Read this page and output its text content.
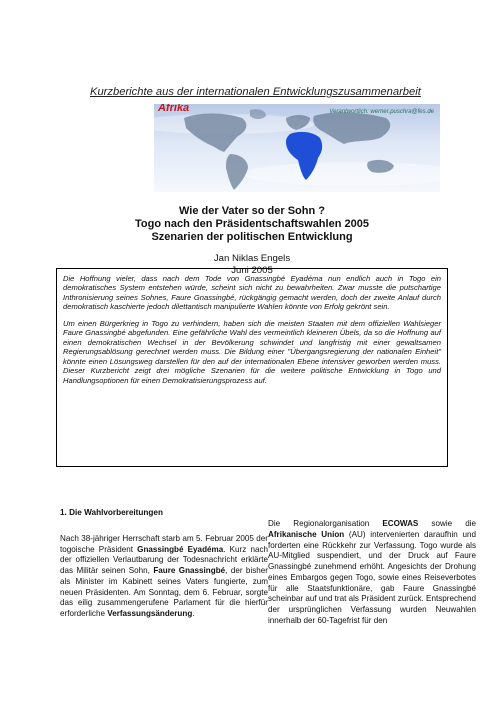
Kurzberichte aus der internationalen Entwicklungszusammenarbeit
Afrika	Verantwortlich: werner.puschra@fes.de
Wie der Vater so der Sohn ?
Togo nach den Präsidentschaftswahlen 2005
Szenarien der politischen Entwicklung
Jan Niklas Engels
Juni 2005

Die Hoffnung vieler, dass nach dem Tode von Gnassingbé Eyadéma nun endlich auch in Togo ein demokratisches System entstehen würde, scheint sich nicht zu bewahrheiten. Zwar musste die putschartige Inthronisierung seines Sohnes, Faure Gnassingbé, rückgängig gemacht werden, doch der zweite Anlauf durch demokratisch kaschierte jedoch dilettantisch manipulierte Wahlen könnte von Erfolg gekrönt sein.

Um einen Bürgerkrieg in Togo zu verhindern, haben sich die meisten Staaten mit dem offiziellen Wahlsieger Faure Gnassingbé abgefunden. Eine gefährliche Wahl des vermeintlich kleineren Übels, da so die Hoffnung auf einen demokratischen Wechsel in der Bevölkerung schwindet und langfristig mit einer gewaltsamen Regierungsablösung gerechnet werden muss. Die Bildung einer "Übergangsregierung der nationalen Einheit" könnte einen Lösungsweg darstellen für den auf der internationalen Ebene intensiver geworben werden muss. Dieser Kurzbericht zeigt drei mögliche Szenarien für die weitere politische Entwicklung in Togo und Handlungsoptionen für einen Demokratisierungsprozess auf.

1. Die Wahlvorbereitungen

Nach 38-jähriger Herrschaft starb am 5. Februar 2005 der togoische Präsident Gnassingbé Eyadéma. Kurz nach der offiziellen Verlautbarung der Todesnachricht erklärte das Militär seinen Sohn, Faure Gnassingbé, der bisher als Minister im Kabinett seines Vaters fungierte, zum neuen Präsidenten. Am Sonntag, dem 6. Februar, sorgte das eilig zusammengerufene Parlament für die hierfür erforderliche Verfassungsänderung.

Die Regionalorganisation ECOWAS sowie die Afrikanische Union (AU) intervenierten daraufhin und forderten eine Rückkehr zur Verfassung. Togo wurde als AU-Mitglied suspendiert, und der Druck auf Faure Gnassingbé zunehmend erhöht. Angesichts der Drohung eines Embargos gegen Togo, sowie eines Reiseverbotes für alle Staatsfunktionäre, gab Faure Gnassingbé scheinbar auf und trat als Präsident zurück. Entsprechend der ursprünglichen Verfassung wurden Neuwahlen innerhalb der 60-Tagefrist für den
